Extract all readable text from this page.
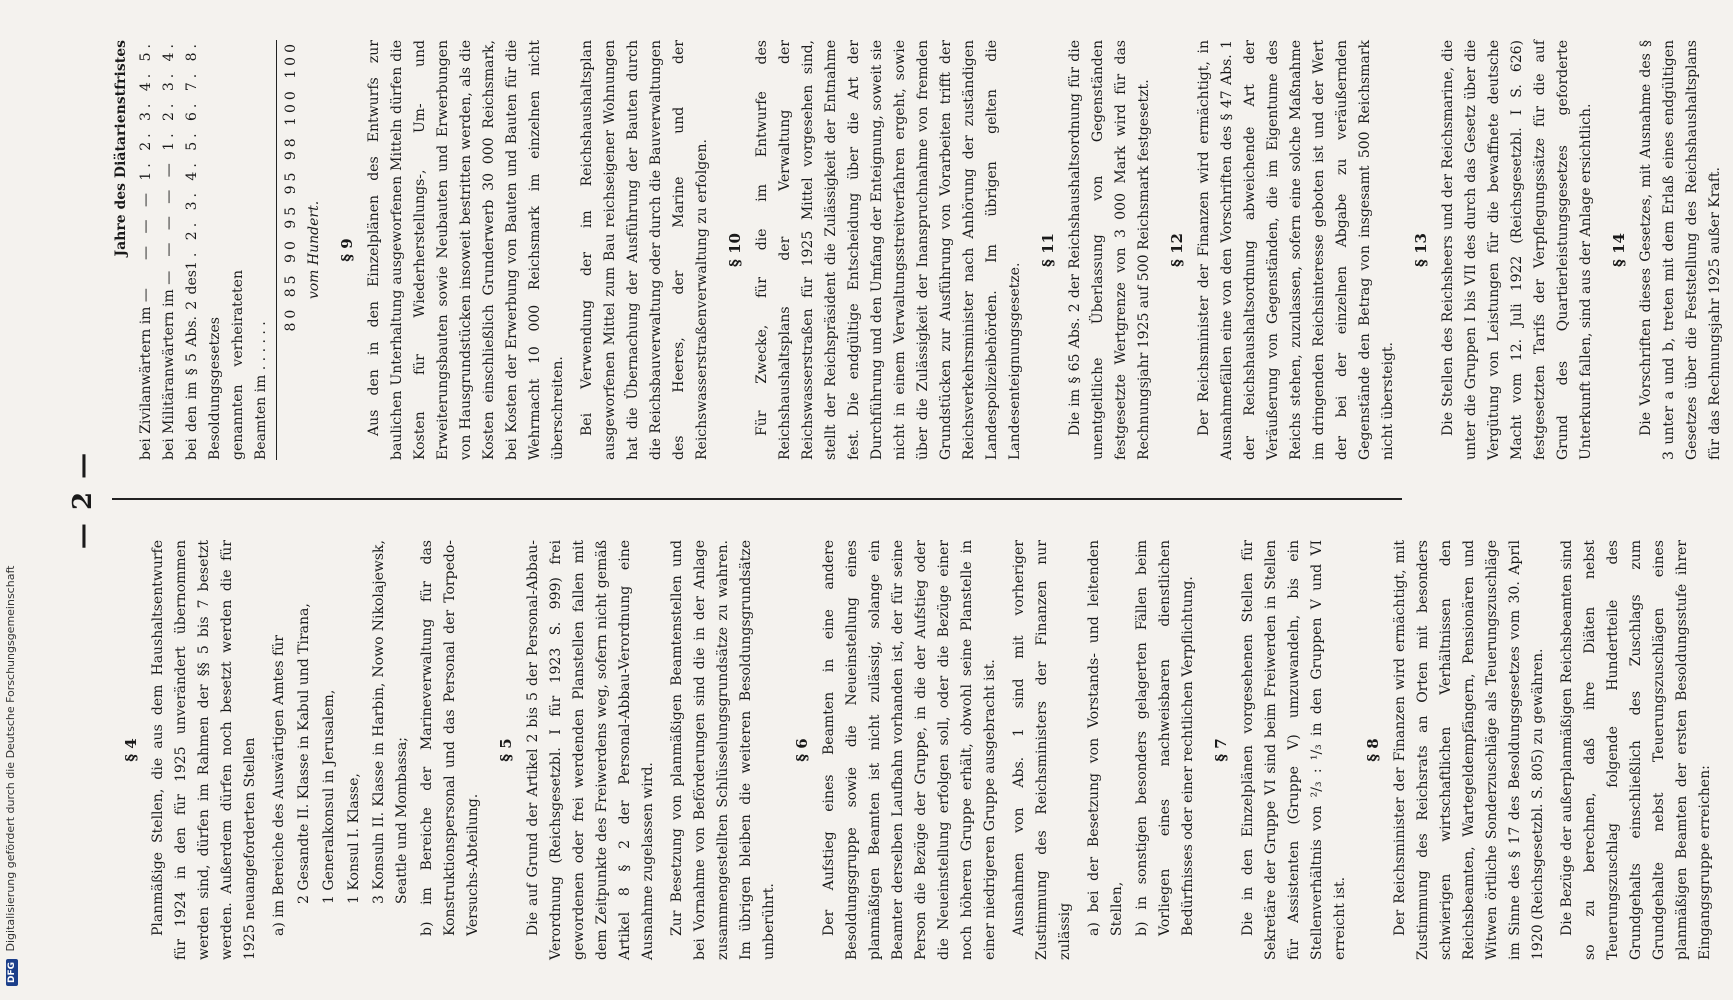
— 2 —
§ 4 Planmäßige Stellen, die aus dem Haushaltsentwurfe für 1924 in den für 1925 unverändert übernommen werden sind, dürfen im Rahmen der §§ 5 bis 7 besetzt werden. Außerdem dürfen noch besetzt werden die für 1925 neuangeforderten Stellen a) im Bereiche des Auswärtigen Amtes für 2 Gesandte II. Klasse in Kabul und Tirana, 1 Generalkonsul in Jerusalem, 1 Konsul I. Klasse, 3 Konsuln II. Klasse in Harbin, Nowo Nikolajewsk, Seattle und Mombassa; b) im Bereiche der Marineverwaltung für das Konstruktionspersonal und das Personal der Torpedo-Versuchs-Abteilung.
§ 5 Die auf Grund der Artikel 2 bis 5 der Personal-Abbau-Verordnung (Reichsgesetzbl. I für 1923 S. 999) frei gewordenen oder frei werdenden Planstellen fallen mit dem Zeitpunkte des Freiwerdens weg, sofern nicht gemäß Artikel 8 § 2 der Personal-Abbau-Verordnung eine Ausnahme zugelassen wird. Zur Besetzung von planmäßigen Beamtenstellen und bei Vornahme von Beförderungen sind die in der Anlage zusammengestellten Schlüsselungsgrundsätze zu wahren. Im übrigen bleiben die weiteren Besoldungsgrundsätze unberührt.

§ 6 Der Aufstieg eines Beamten in eine andere Besoldungsgruppe sowie die Neueinstellung eines planmäßigen Beamten ist nicht zulässig, solange ein Beamter derselben Laufbahn vorhanden ist, der für seine Person die Bezüge der Gruppe, in die der Aufstieg oder die Neueinstellung erfolgen soll, oder die Bezüge einer noch höheren Gruppe erhält, obwohl seine Planstelle in einer niedrigeren Gruppe ausgebracht ist. Ausnahmen von Abs. 1 sind mit vorheriger Zustimmung des Reichsministers der Finanzen nur zulässig a) bei der Besetzung von Vorstands- und leitenden Stellen, b) in sonstigen besonders gelagerten Fällen beim Vorliegen eines nachweisbaren dienstlichen Bedürfnisses oder einer rechtlichen Verpflichtung. § 7 Die in den Einzelplänen vorgesehenen Stellen für Sekretäre der Gruppe VI sind beim Freiwerden in Stellen für Assistenten (Gruppe V) umzuwandeln, bis ein Stellenverhältnis von ²/₃ : ¹/₃ in den Gruppen V und VI erreicht ist.

§ 8 Der Reichsminister der Finanzen wird ermächtigt, mit Zustimmung des Reichsrats an Orten mit besonders schwierigen wirtschaftlichen Verhältnissen den Reichsbeamten, Wartegeldempfängern, Pensionären und Witwen örtliche Sonderzuschläge als Teuerungszuschläge im Sinne des § 17 des Besoldungsgesetzes vom 30. April 1920 (Reichsgesetzbl. S. 805) zu gewähren. Die Bezüge der außerplanmäßigen Reichsbeamten sind so zu berechnen, daß ihre Diäten nebst Teuerungszuschlag folgende Hundertteile des Grundgehalts einschließlich des Zuschlags zum Grundgehalte nebst Teuerungszuschlägen eines planmäßigen Beamten der ersten Besoldungsstufe ihrer Eingangsgruppe erreichen:

Jahre des Diätarienstfristes
bei Zivilanwärtern im —
— — — 1. 2. 3. 4. 5.
bei Militäranwärtern im —
— — — — 1. 2. 3. 4.
bei den im § 5 Abs. 2 des Besoldungsgesetzes genannten verheirateten Beamten im . . . . . .
1. 2. 3. 4. 5. 6. 7. 8.	80 85 90 95 95 98 100 100 vom Hundert. § 9 Aus den in den Einzelplänen des Entwurfs zur baulichen Unterhaltung ausgeworfenen Mitteln dürfen die Kosten für Wiederherstellungs-, Um- und Erweiterungsbauten sowie Neubauten und Erwerbungen von Hausgrundstücken insoweit bestritten werden, als die Kosten einschließlich Grunderwerb 30 000 Reichsmark, bei Kosten der Erwerbung von Bauten und Bauten für die Wehrmacht 10 000 Reichsmark im einzelnen nicht überschreiten. Bei Verwendung der im Reichshaushaltsplan ausgeworfenen Mittel zum Bau reichseigener Wohnungen hat die Übernachung der Ausführung der Bauten durch die Reichsbauverwaltung oder durch die Bauverwaltungen des Heeres, der Marine und der Reichswasserstraßenverwaltung zu erfolgen. § 10 Für Zwecke, für die im Entwurfe des Reichshaushaltsplans der Verwaltung der Reichswasserstraßen für 1925 Mittel vorgesehen sind, stellt der Reichspräsident die Zulässigkeit der Entnahme fest. Die endgültige Entscheidung über die Art der Durchführung und den Umfang der Enteignung, soweit sie nicht in einem Verwaltungsstreitverfahren ergeht, sowie über die Zulässigkeit der Inanspruchnahme von fremden Grundstücken zur Ausführung von Vorarbeiten trifft der Reichsverkehrsminister nach Anhörung der zuständigen Landespolizeibehörden. Im übrigen gelten die Landesenteignungsgesetze.

§ 11 Die im § 65 Abs. 2 der Reichshaushaltsordnung für die unentgeltliche Überlassung von Gegenständen festgesetzte Wertgrenze von 3 000 Mark wird für das Rechnungsjahr 1925 auf 500 Reichsmark festgesetzt. § 12 Der Reichsminister der Finanzen wird ermächtigt, in Ausnahmefällen eine von den Vorschriften des § 47 Abs. 1 der Reichshaushaltsordnung abweichende Art der Veräußerung von Gegenständen, die im Eigentume des Reichs stehen, zuzulassen, sofern eine solche Maßnahme im dringenden Reichsinteresse geboten ist und der Wert der bei der einzelnen Abgabe zu veräußernden Gegenstände den Betrag von insgesamt 500 Reichsmark nicht übersteigt.

§ 13 Die Stellen des Reichsheers und der Reichsmarine, die unter die Gruppen I bis VII des durch das Gesetz über die Vergütung von Leistungen für die bewaffnete deutsche Macht vom 12. Juli 1922 (Reichsgesetzbl. I S. 626) festgesetzten Tarifs der Verpflegungssätze für die auf Grund des Quartierleistungsgesetzes geforderte Unterkunft fallen, sind aus der Anlage ersichtlich. § 14 Die Vorschriften dieses Gesetzes, mit Ausnahme des § 3 unter a und b, treten mit dem Erlaß eines endgültigen Gesetzes über die Feststellung des Reichshaushaltsplans für das Rechnungsjahr 1925 außer Kraft.

DFG Digitalisierung gefördert durch die Deutsche Forschungsgemeinschaft
